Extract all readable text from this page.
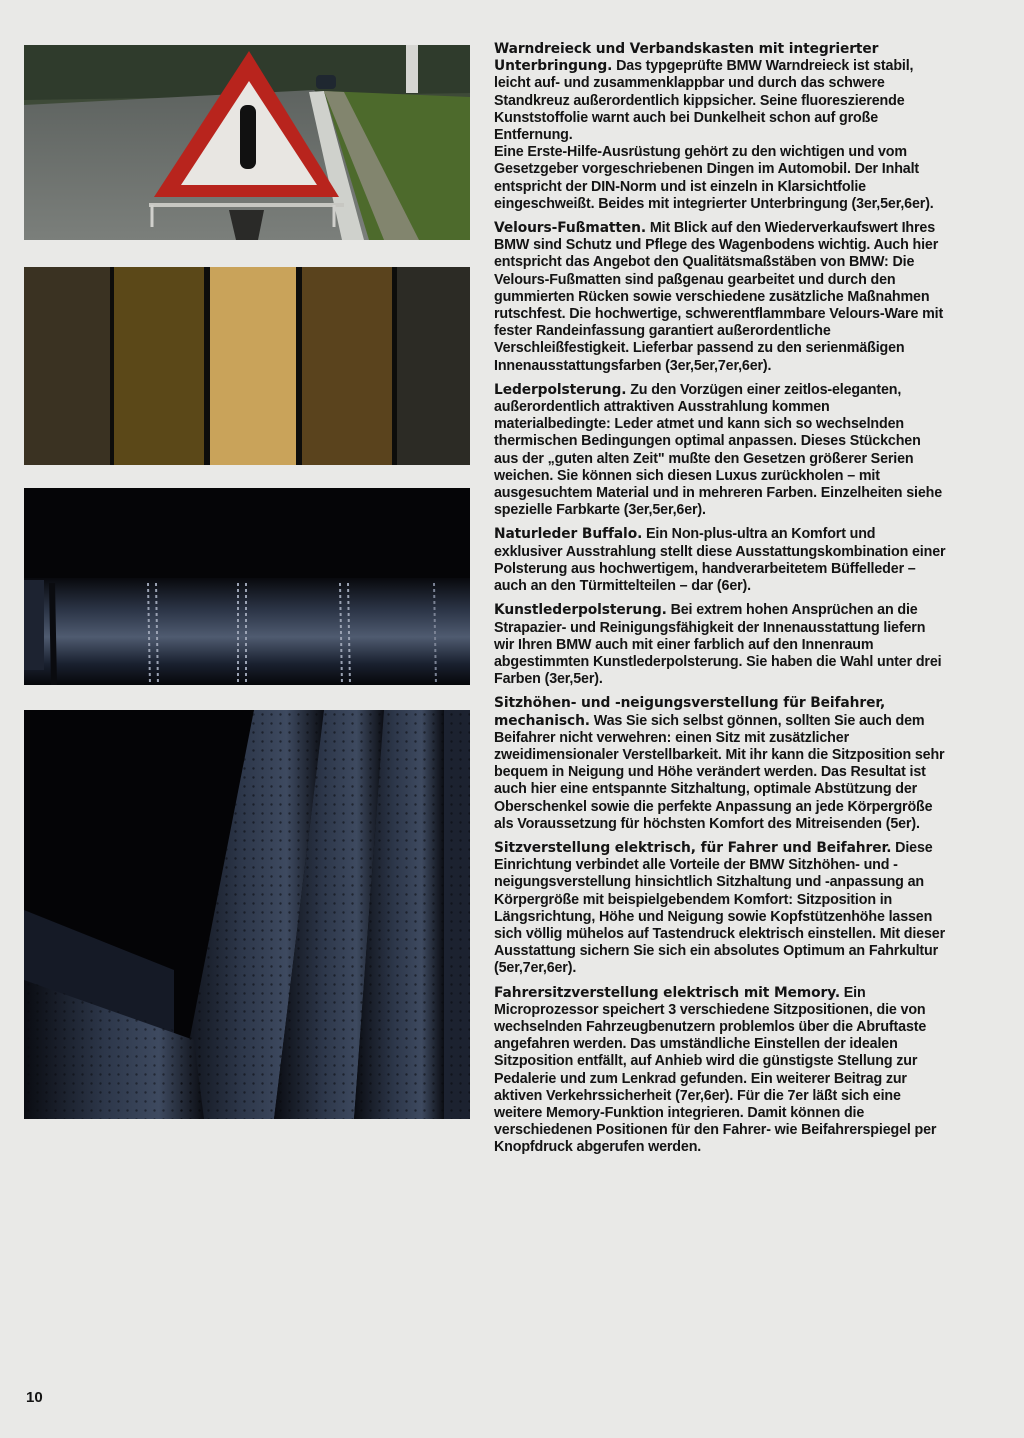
Warndreieck und Verbandskasten mit integrierter Unterbringung. Das typgeprüfte BMW Warndreieck ist stabil, leicht auf- und zusammenklappbar und durch das schwere Standkreuz außerordentlich kippsicher. Seine fluoreszierende Kunststoffolie warnt auch bei Dunkelheit schon auf große Entfernung.
Eine Erste-Hilfe-Ausrüstung gehört zu den wichtigen und vom Gesetzgeber vorgeschriebenen Dingen im Automobil. Der Inhalt entspricht der DIN-Norm und ist einzeln in Klarsichtfolie eingeschweißt. Beides mit integrierter Unterbringung (3er,5er,6er).

Velours-Fußmatten. Mit Blick auf den Wiederverkaufswert Ihres BMW sind Schutz und Pflege des Wagenbodens wichtig. Auch hier entspricht das Angebot den Qualitätsmaßstäben von BMW: Die Velours-Fußmatten sind paßgenau gearbeitet und durch den gummierten Rücken sowie verschiedene zusätzliche Maßnahmen rutschfest. Die hochwertige, schwerentflammbare Velours-Ware mit fester Randeinfassung garantiert außerordentliche Verschleißfestigkeit. Lieferbar passend zu den serienmäßigen Innenausstattungsfarben (3er,5er,7er,6er).

Lederpolsterung. Zu den Vorzügen einer zeitlos-eleganten, außerordentlich attraktiven Ausstrahlung kommen materialbedingte: Leder atmet und kann sich so wechselnden thermischen Bedingungen optimal anpassen. Dieses Stückchen aus der „guten alten Zeit" mußte den Gesetzen größerer Serien weichen. Sie können sich diesen Luxus zurückholen – mit ausgesuchtem Material und in mehreren Farben. Einzelheiten siehe spezielle Farbkarte (3er,5er,6er).

Naturleder Buffalo. Ein Non-plus-ultra an Komfort und exklusiver Ausstrahlung stellt diese Ausstattungskombination einer Polsterung aus hochwertigem, handverarbeitetem Büffelleder – auch an den Türmittelteilen – dar (6er).

Kunstlederpolsterung. Bei extrem hohen Ansprüchen an die Strapazier- und Reinigungsfähigkeit der Innenausstattung liefern wir Ihren BMW auch mit einer farblich auf den Innenraum abgestimmten Kunstlederpolsterung. Sie haben die Wahl unter drei Farben (3er,5er).

Sitzhöhen- und -neigungsverstellung für Beifahrer, mechanisch. Was Sie sich selbst gönnen, sollten Sie auch dem Beifahrer nicht verwehren: einen Sitz mit zusätzlicher zweidimensionaler Verstellbarkeit. Mit ihr kann die Sitzposition sehr bequem in Neigung und Höhe verändert werden. Das Resultat ist auch hier eine entspannte Sitzhaltung, optimale Abstützung der Oberschenkel sowie die perfekte Anpassung an jede Körpergröße als Voraussetzung für höchsten Komfort des Mitreisenden (5er).

Sitzverstellung elektrisch, für Fahrer und Beifahrer. Diese Einrichtung verbindet alle Vorteile der BMW Sitzhöhen- und -neigungsverstellung hinsichtlich Sitzhaltung und -anpassung an Körpergröße mit beispielgebendem Komfort: Sitzposition in Längsrichtung, Höhe und Neigung sowie Kopfstützenhöhe lassen sich völlig mühelos auf Tastendruck elektrisch einstellen. Mit dieser Ausstattung sichern Sie sich ein absolutes Optimum an Fahrkultur (5er,7er,6er).

Fahrersitzverstellung elektrisch mit Memory. Ein Microprozessor speichert 3 verschiedene Sitzpositionen, die von wechselnden Fahrzeugbenutzern problemlos über die Abruftaste angefahren werden. Das umständliche Einstellen der idealen Sitzposition entfällt, auf Anhieb wird die günstigste Stellung zur Pedalerie und zum Lenkrad gefunden. Ein weiterer Beitrag zur aktiven Verkehrssicherheit (7er,6er). Für die 7er läßt sich eine weitere Memory-Funktion integrieren. Damit können die verschiedenen Positionen für den Fahrer- wie Beifahrerspiegel per Knopfdruck abgerufen werden.

10
